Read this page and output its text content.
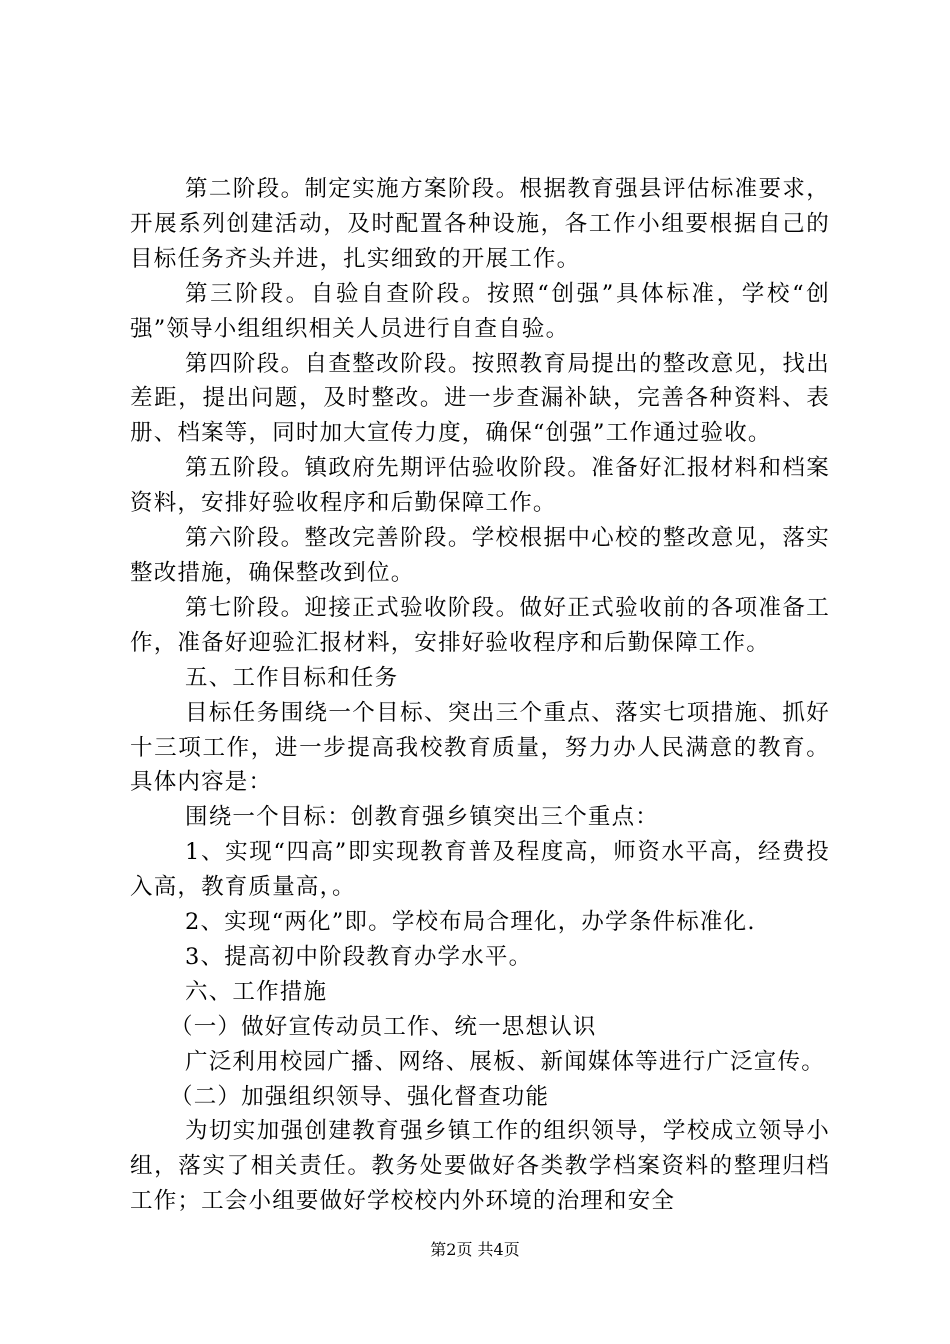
第二阶段。制定实施方案阶段。根据教育强县评估标准要求，开展系列创建活动，及时配置各种设施，各工作小组要根据自己的目标任务齐头并进，扎实细致的开展工作。

第三阶段。自验自查阶段。按照“创强”具体标准，学校“创强”领导小组组织相关人员进行自查自验。

第四阶段。自查整改阶段。按照教育局提出的整改意见，找出差距，提出问题，及时整改。进一步查漏补缺，完善各种资料、表册、档案等，同时加大宣传力度，确保“创强”工作通过验收。

第五阶段。镇政府先期评估验收阶段。准备好汇报材料和档案资料，安排好验收程序和后勤保障工作。

第六阶段。整改完善阶段。学校根据中心校的整改意见，落实整改措施，确保整改到位。

第七阶段。迎接正式验收阶段。做好正式验收前的各项准备工作，准备好迎验汇报材料，安排好验收程序和后勤保障工作。

五、工作目标和任务

目标任务围绕一个目标、突出三个重点、落实七项措施、抓好十三项工作，进一步提高我校教育质量，努力办人民满意的教育。具体内容是：

围绕一个目标：创教育强乡镇突出三个重点：

1、实现“四高”即实现教育普及程度高，师资水平高，经费投入高，教育质量高，。

2、实现“两化”即。学校布局合理化，办学条件标准化.

3、提高初中阶段教育办学水平。

六、工作措施

（一）做好宣传动员工作、统一思想认识

广泛利用校园广播、网络、展板、新闻媒体等进行广泛宣传。

（二）加强组织领导、强化督查功能

为切实加强创建教育强乡镇工作的组织领导，学校成立领导小组，落实了相关责任。教务处要做好各类教学档案资料的整理归档工作；工会小组要做好学校校内外环境的治理和安全

第2页 共4页
